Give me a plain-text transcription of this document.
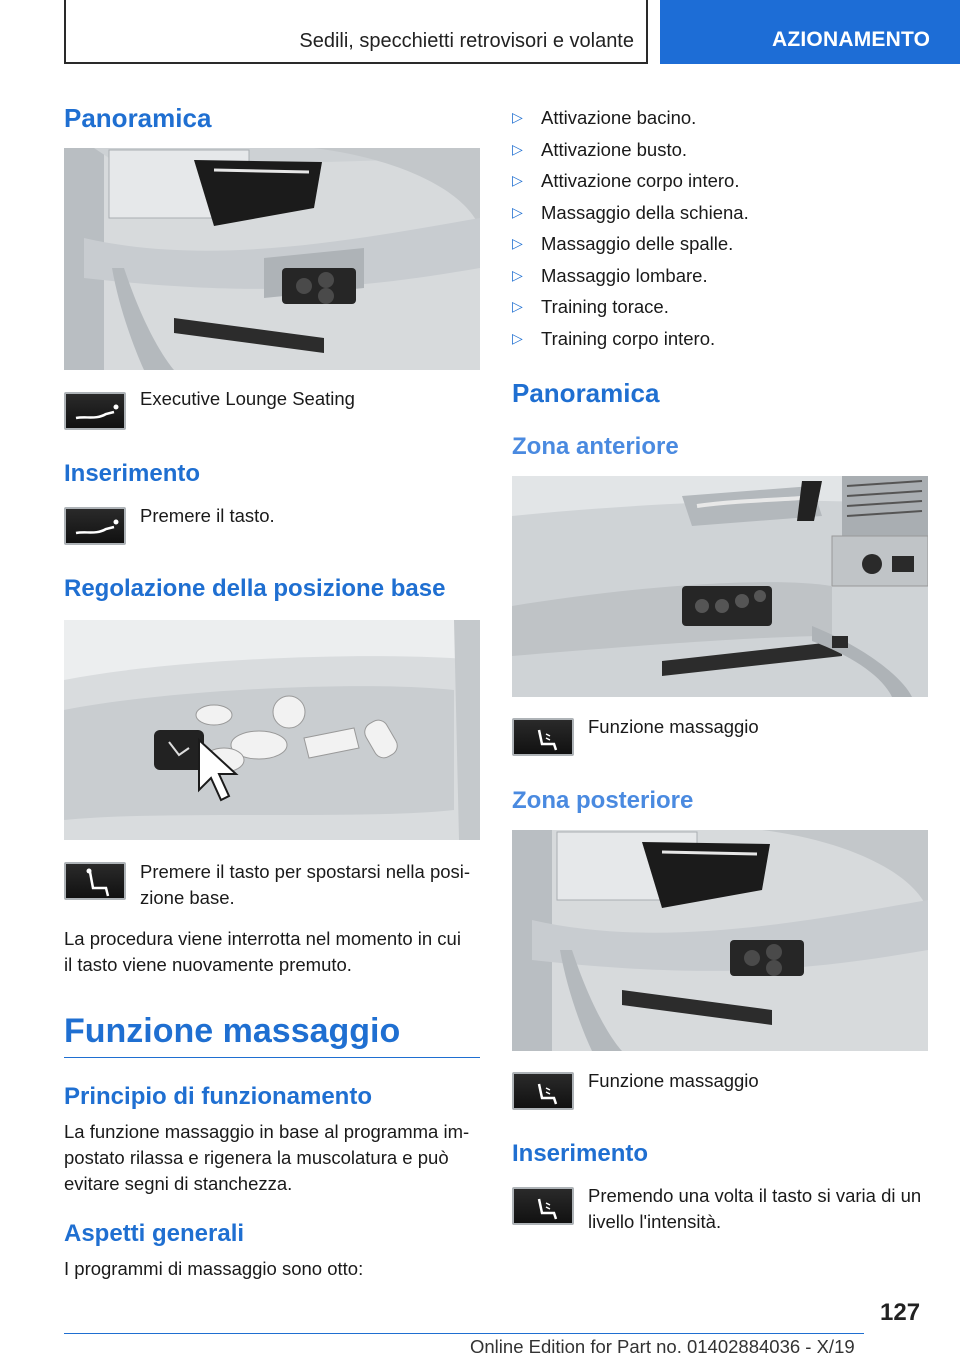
Sedili, specchietti retrovisori e volante	AZIONAMENTO
Panoramica
Executive Lounge Seating
Inserimento
Premere il tasto.
Regolazione della posizione base
Premere il tasto per spostarsi nella posi-
zione base.
La procedura viene interrotta nel momento in cui
il tasto viene nuovamente premuto.
Funzione massaggio
Principio di funzionamento
La funzione massaggio in base al programma im-
postato rilassa e rigenera la muscolatura e può
evitare segni di stanchezza.
Aspetti generali
I programmi di massaggio sono otto:
▷ Attivazione bacino.
▷ Attivazione busto.
▷ Attivazione corpo intero.
▷ Massaggio della schiena.
▷ Massaggio delle spalle.
▷ Massaggio lombare.
▷ Training torace.
▷ Training corpo intero.
Panoramica
Zona anteriore
Funzione massaggio
Zona posteriore
Funzione massaggio
Inserimento
Premendo una volta il tasto si varia di un
livello l'intensità.
127
Online Edition for Part no. 01402884036 - X/19
